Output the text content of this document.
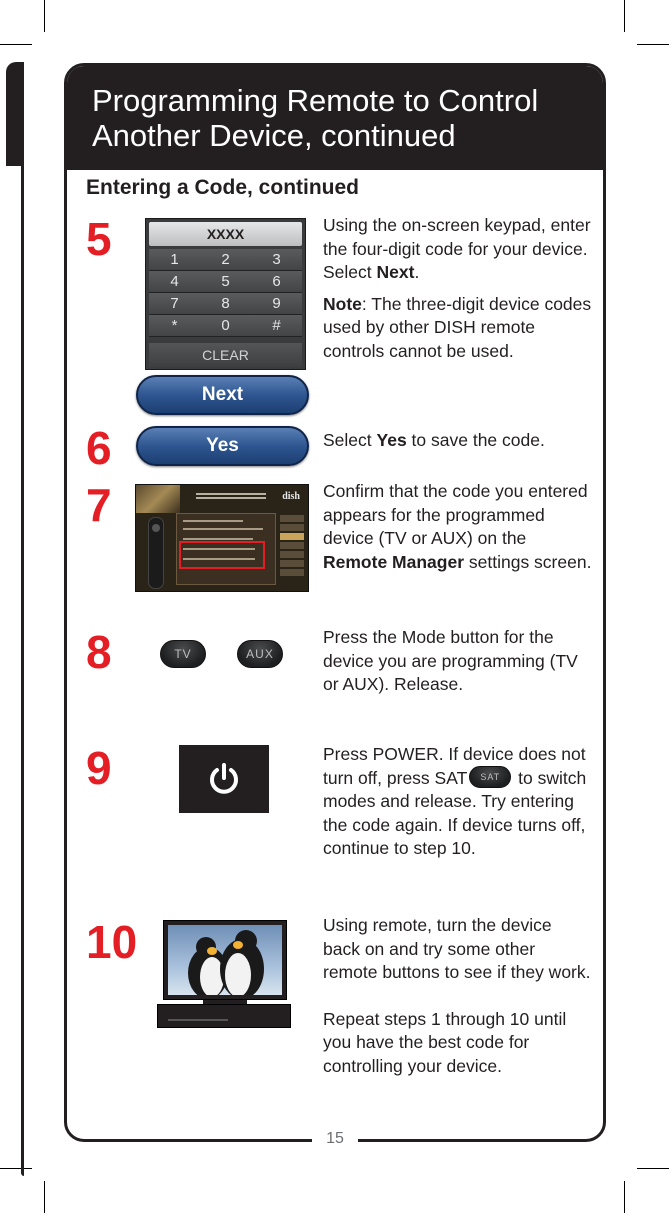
Programming Remote to Control
Another Device, continued
15
Entering a Code, continued
5	XXXX
1	2	3
4	5	6
7	8	9
*	0	#
CLEAR
Next

Using the on-screen keypad, enter the four-digit code for your device. Select Next.

Note: The three-digit device codes used by other DISH remote controls cannot be used.

6	Yes	Select Yes to save the code.

7	dish Confirm that the code you entered appears for the programmed device (TV or AUX) on the Remote Manager settings screen.

8	TV	AUX

Press the Mode button for the device you are programming (TV or AUX). Release.

9	Press POWER. If device does not turn off, press SAT SAT to switch modes and release. Try entering the code again. If device turns off, continue to step 10.

10	Using remote, turn the device back on and try some other remote buttons to see if they work.

Repeat steps 1 through 10 until you have the best code for controlling your device.
